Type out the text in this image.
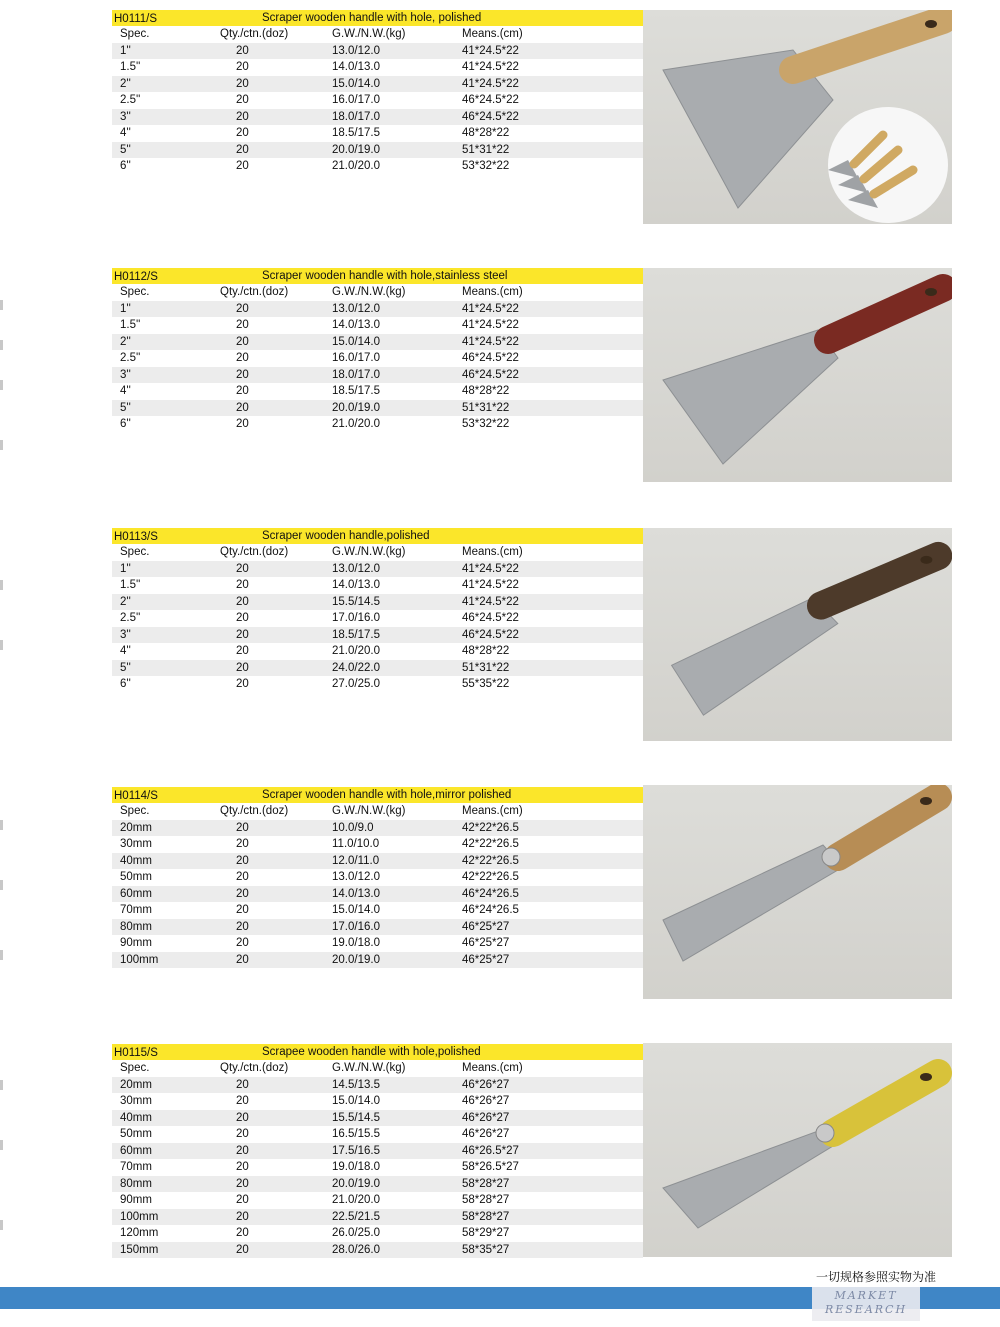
H0111/S	Scraper wooden handle with hole, polished
Spec.	Qty./ctn.(doz)	G.W./N.W.(kg)	Means.(cm)
1''	20	13.0/12.0	41*24.5*22
1.5''	20	14.0/13.0	41*24.5*22
2''	20	15.0/14.0	41*24.5*22
2.5''	20	16.0/17.0	46*24.5*22
3''	20	18.0/17.0	46*24.5*22
4''	20	18.5/17.5	48*28*22
5''	20	20.0/19.0	51*31*22
6''	20	21.0/20.0	53*32*22
H0112/S	Scraper wooden handle with hole,stainless steel
Spec.	Qty./ctn.(doz)	G.W./N.W.(kg)	Means.(cm)
1''	20	13.0/12.0	41*24.5*22
1.5''	20	14.0/13.0	41*24.5*22
2''	20	15.0/14.0	41*24.5*22
2.5''	20	16.0/17.0	46*24.5*22
3''	20	18.0/17.0	46*24.5*22
4''	20	18.5/17.5	48*28*22
5''	20	20.0/19.0	51*31*22
6''	20	21.0/20.0	53*32*22
H0113/S	Scraper wooden handle,polished
Spec.	Qty./ctn.(doz)	G.W./N.W.(kg)	Means.(cm)
1''	20	13.0/12.0	41*24.5*22
1.5''	20	14.0/13.0	41*24.5*22
2''	20	15.5/14.5	41*24.5*22
2.5''	20	17.0/16.0	46*24.5*22
3''	20	18.5/17.5	46*24.5*22
4''	20	21.0/20.0	48*28*22
5''	20	24.0/22.0	51*31*22
6''	20	27.0/25.0	55*35*22
H0114/S	Scraper wooden handle with hole,mirror polished
Spec.	Qty./ctn.(doz)	G.W./N.W.(kg)	Means.(cm)
20mm	20	10.0/9.0	42*22*26.5
30mm	20	11.0/10.0	42*22*26.5
40mm	20	12.0/11.0	42*22*26.5
50mm	20	13.0/12.0	42*22*26.5
60mm	20	14.0/13.0	46*24*26.5
70mm	20	15.0/14.0	46*24*26.5
80mm	20	17.0/16.0	46*25*27
90mm	20	19.0/18.0	46*25*27
100mm	20	20.0/19.0	46*25*27
H0115/S	Scrapee wooden handle with hole,polished
Spec.	Qty./ctn.(doz)	G.W./N.W.(kg)	Means.(cm)
20mm	20	14.5/13.5	46*26*27
30mm	20	15.0/14.0	46*26*27
40mm	20	15.5/14.5	46*26*27
50mm	20	16.5/15.5	46*26*27
60mm	20	17.5/16.5	46*26.5*27
70mm	20	19.0/18.0	58*26.5*27
80mm	20	20.0/19.0	58*28*27
90mm	20	21.0/20.0	58*28*27
100mm	20	22.5/21.5	58*28*27
120mm	20	26.0/25.0	58*29*27
150mm	20	28.0/26.0	58*35*27
一切规格参照实物为准
MARKET
RESEARCH
